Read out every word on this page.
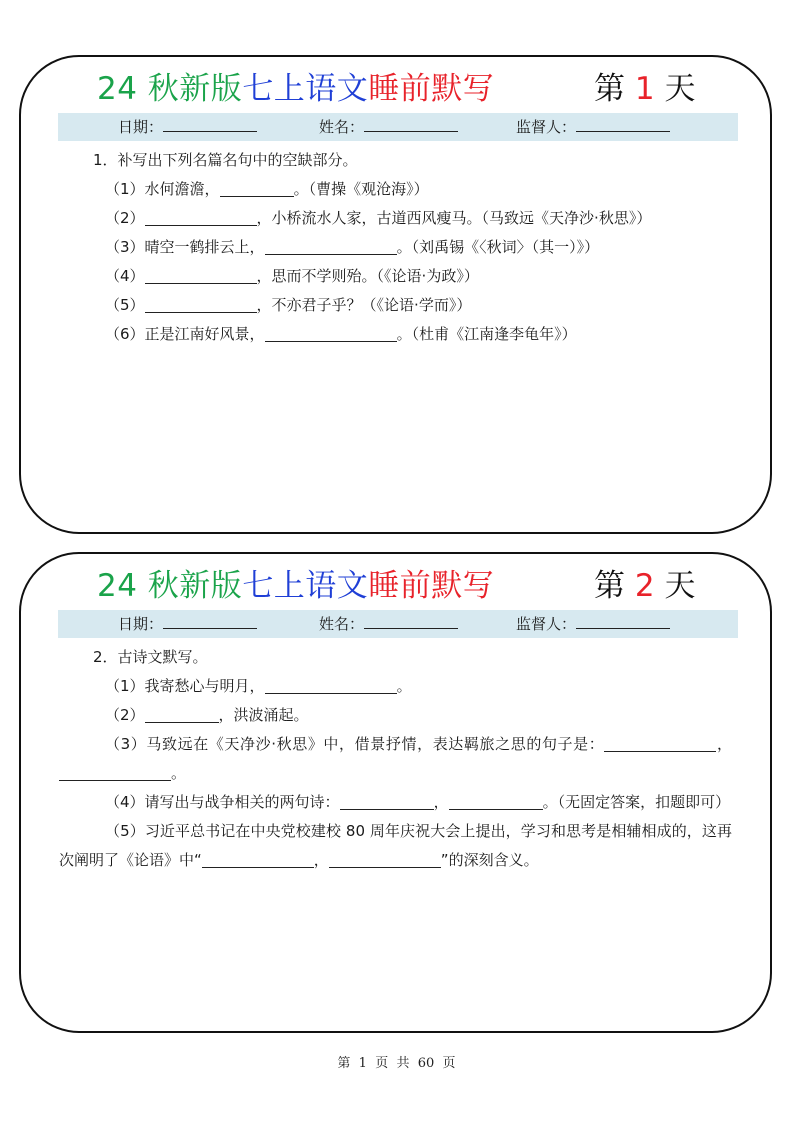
24 秋新版七上语文睡前默写	第 1 天
日期：	姓名：	监督人：
1．补写出下列名篇名句中的空缺部分。
（1）水何澹澹，	。（曹操《观沧海》）
（2）	，小桥流水人家，古道西风瘦马。（马致远《天净沙·秋思》）
（3）晴空一鹤排云上，	。（刘禹锡《〈秋词〉（其一）》）
（4）	，思而不学则殆。（《论语·为政》）
（5）	，不亦君子乎？（《论语·学而》）
（6）正是江南好风景，	。（杜甫《江南逢李龟年》）
24 秋新版七上语文睡前默写	第 2 天
日期：	姓名：	监督人：
2．古诗文默写。
（1）我寄愁心与明月，	。
（2）	，洪波涌起。
（3）马致远在《天净沙·秋思》中，借景抒情，表达羁旅之思的句子是：	，。
（4）请写出与战争相关的两句诗：	，	。（无固定答案，扣题即可）
（5）习近平总书记在中央党校建校 80 周年庆祝大会上提出，学习和思考是相辅相成的，这再次阐明了《论语》中“	，	”的深刻含义。
第  1  页  共  60  页
